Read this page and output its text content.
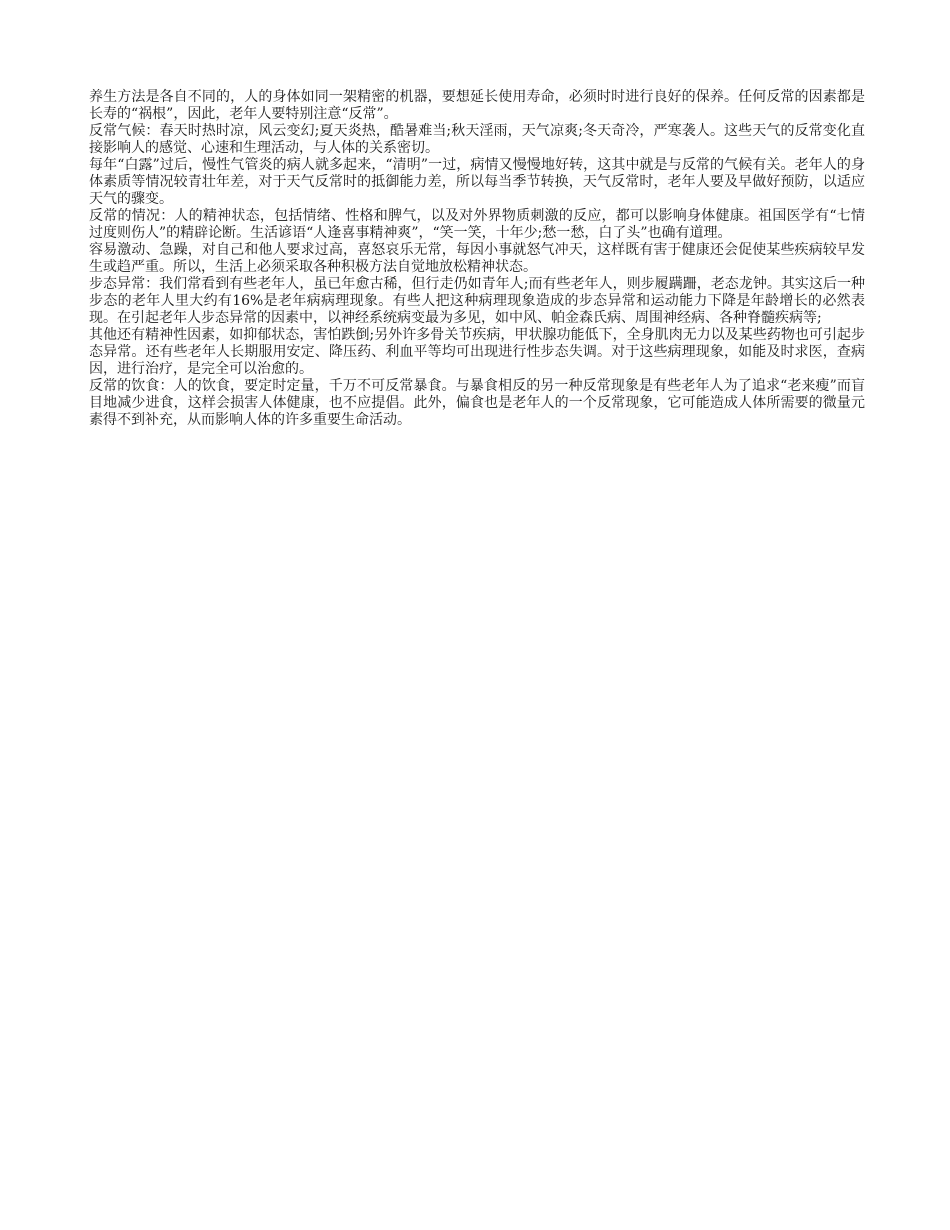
养生方法是各自不同的，人的身体如同一架精密的机器，要想延长使用寿命，必须时时进行良好的保养。任何反常的因素都是长寿的“祸根”，因此，老年人要特别注意“反常”。

反常气候：春天时热时凉，风云变幻;夏天炎热，酷暑难当;秋天淫雨，天气凉爽;冬天奇冷，严寒袭人。这些天气的反常变化直接影响人的感觉、心速和生理活动，与人体的关系密切。

每年“白露”过后，慢性气管炎的病人就多起来，“清明”一过，病情又慢慢地好转，这其中就是与反常的气候有关。老年人的身体素质等情况较青壮年差，对于天气反常时的抵御能力差，所以每当季节转换，天气反常时，老年人要及早做好预防，以适应天气的骤变。

反常的情况：人的精神状态，包括情绪、性格和脾气，以及对外界物质刺激的反应，都可以影响身体健康。祖国医学有“七情过度则伤人”的精辟论断。生活谚语“人逢喜事精神爽”，“笑一笑，十年少;愁一愁，白了头”也确有道理。

容易激动、急躁，对自己和他人要求过高，喜怒哀乐无常，每因小事就怒气冲天，这样既有害于健康还会促使某些疾病较早发生或趋严重。所以，生活上必须采取各种积极方法自觉地放松精神状态。

步态异常：我们常看到有些老年人，虽已年愈古稀，但行走仍如青年人;而有些老年人，则步履蹒跚，老态龙钟。其实这后一种步态的老年人里大约有16%是老年病病理现象。有些人把这种病理现象造成的步态异常和运动能力下降是年龄增长的必然表现。在引起老年人步态异常的因素中，以神经系统病变最为多见，如中风、帕金森氏病、周围神经病、各种脊髓疾病等;

其他还有精神性因素，如抑郁状态，害怕跌倒;另外许多骨关节疾病，甲状腺功能低下，全身肌肉无力以及某些药物也可引起步态异常。还有些老年人长期服用安定、降压药、利血平等均可出现进行性步态失调。对于这些病理现象，如能及时求医，查病因，进行治疗，是完全可以治愈的。

反常的饮食：人的饮食，要定时定量，千万不可反常暴食。与暴食相反的另一种反常现象是有些老年人为了追求“老来瘦”而盲目地减少进食，这样会损害人体健康，也不应提倡。此外，偏食也是老年人的一个反常现象，它可能造成人体所需要的微量元素得不到补充，从而影响人体的许多重要生命活动。
